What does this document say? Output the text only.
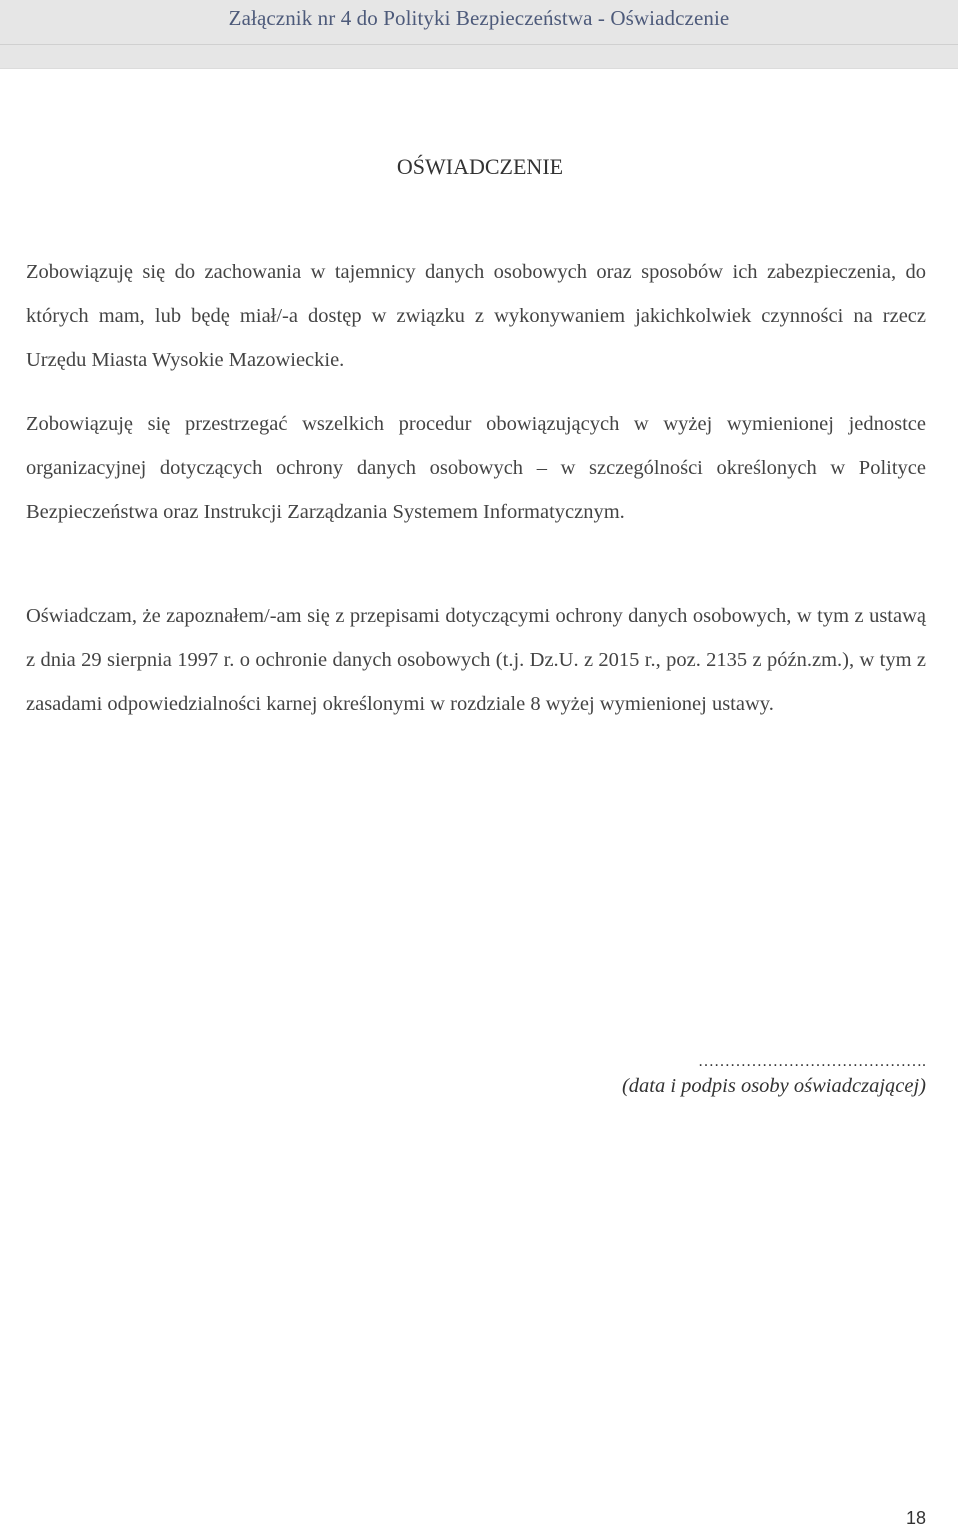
Załącznik nr 4 do Polityki Bezpieczeństwa - Oświadczenie
OŚWIADCZENIE
Zobowiązuję się do zachowania w tajemnicy danych osobowych oraz sposobów ich zabezpieczenia, do których mam, lub będę miał/-a dostęp w związku z wykonywaniem jakichkolwiek czynności na rzecz Urzędu Miasta Wysokie Mazowieckie.
Zobowiązuję się przestrzegać wszelkich procedur obowiązujących w wyżej wymienionej jednostce organizacyjnej dotyczących ochrony danych osobowych – w szczególności określonych w Polityce Bezpieczeństwa oraz Instrukcji Zarządzania Systemem Informatycznym.
Oświadczam, że zapoznałem/-am się z przepisami dotyczącymi ochrony danych osobowych, w tym z ustawą z dnia 29 sierpnia 1997 r. o ochronie danych osobowych (t.j. Dz.U. z 2015 r., poz. 2135 z późn.zm.), w tym z zasadami odpowiedzialności karnej określonymi w rozdziale 8 wyżej wymienionej ustawy.
…………………………………….
(data i podpis osoby oświadczającej)
18
